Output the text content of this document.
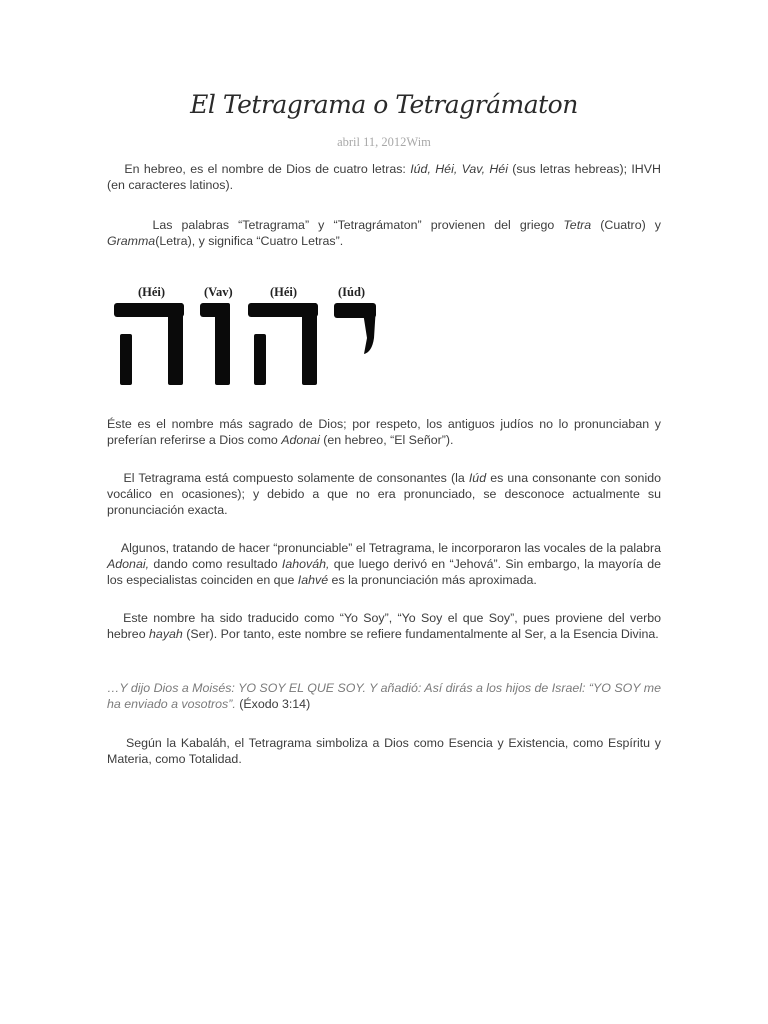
El Tetragrama o Tetragrámaton
abril 11, 2012Wim

En hebreo, es el nombre de Dios de cuatro letras: Iúd, Héi, Vav, Héi (sus letras hebreas); IHVH (en caracteres latinos).

Las palabras “Tetragrama” y “Tetragrámaton” provienen del griego Tetra (Cuatro) y Gramma(Letra), y significa “Cuatro Letras”.

(Héi)	(Vav)	(Héi)	(Iúd)

Éste es el nombre más sagrado de Dios; por respeto, los antiguos judíos no lo pronunciaban y preferían referirse a Dios como Adonai (en hebreo, “El Señor”).

El Tetragrama está compuesto solamente de consonantes (la Iúd es una consonante con sonido vocálico en ocasiones); y debido a que no era pronunciado, se desconoce actualmente su pronunciación exacta.

Algunos, tratando de hacer “pronunciable” el Tetragrama, le incorporaron las vocales de la palabra Adonai, dando como resultado Iahováh, que luego derivó en “Jehová”. Sin embargo, la mayoría de los especialistas coinciden en que Iahvé es la pronunciación más aproximada.

Este nombre ha sido traducido como “Yo Soy”, “Yo Soy el que Soy”, pues proviene del verbo hebreo hayah (Ser). Por tanto, este nombre se refiere fundamentalmente al Ser, a la Esencia Divina.

…Y dijo Dios a Moisés: YO SOY EL QUE SOY. Y añadió: Así dirás a los hijos de Israel: “YO SOY me ha enviado a vosotros”. (Éxodo 3:14)

Según la Kabaláh, el Tetragrama simboliza a Dios como Esencia y Existencia, como Espíritu y Materia, como Totalidad.
